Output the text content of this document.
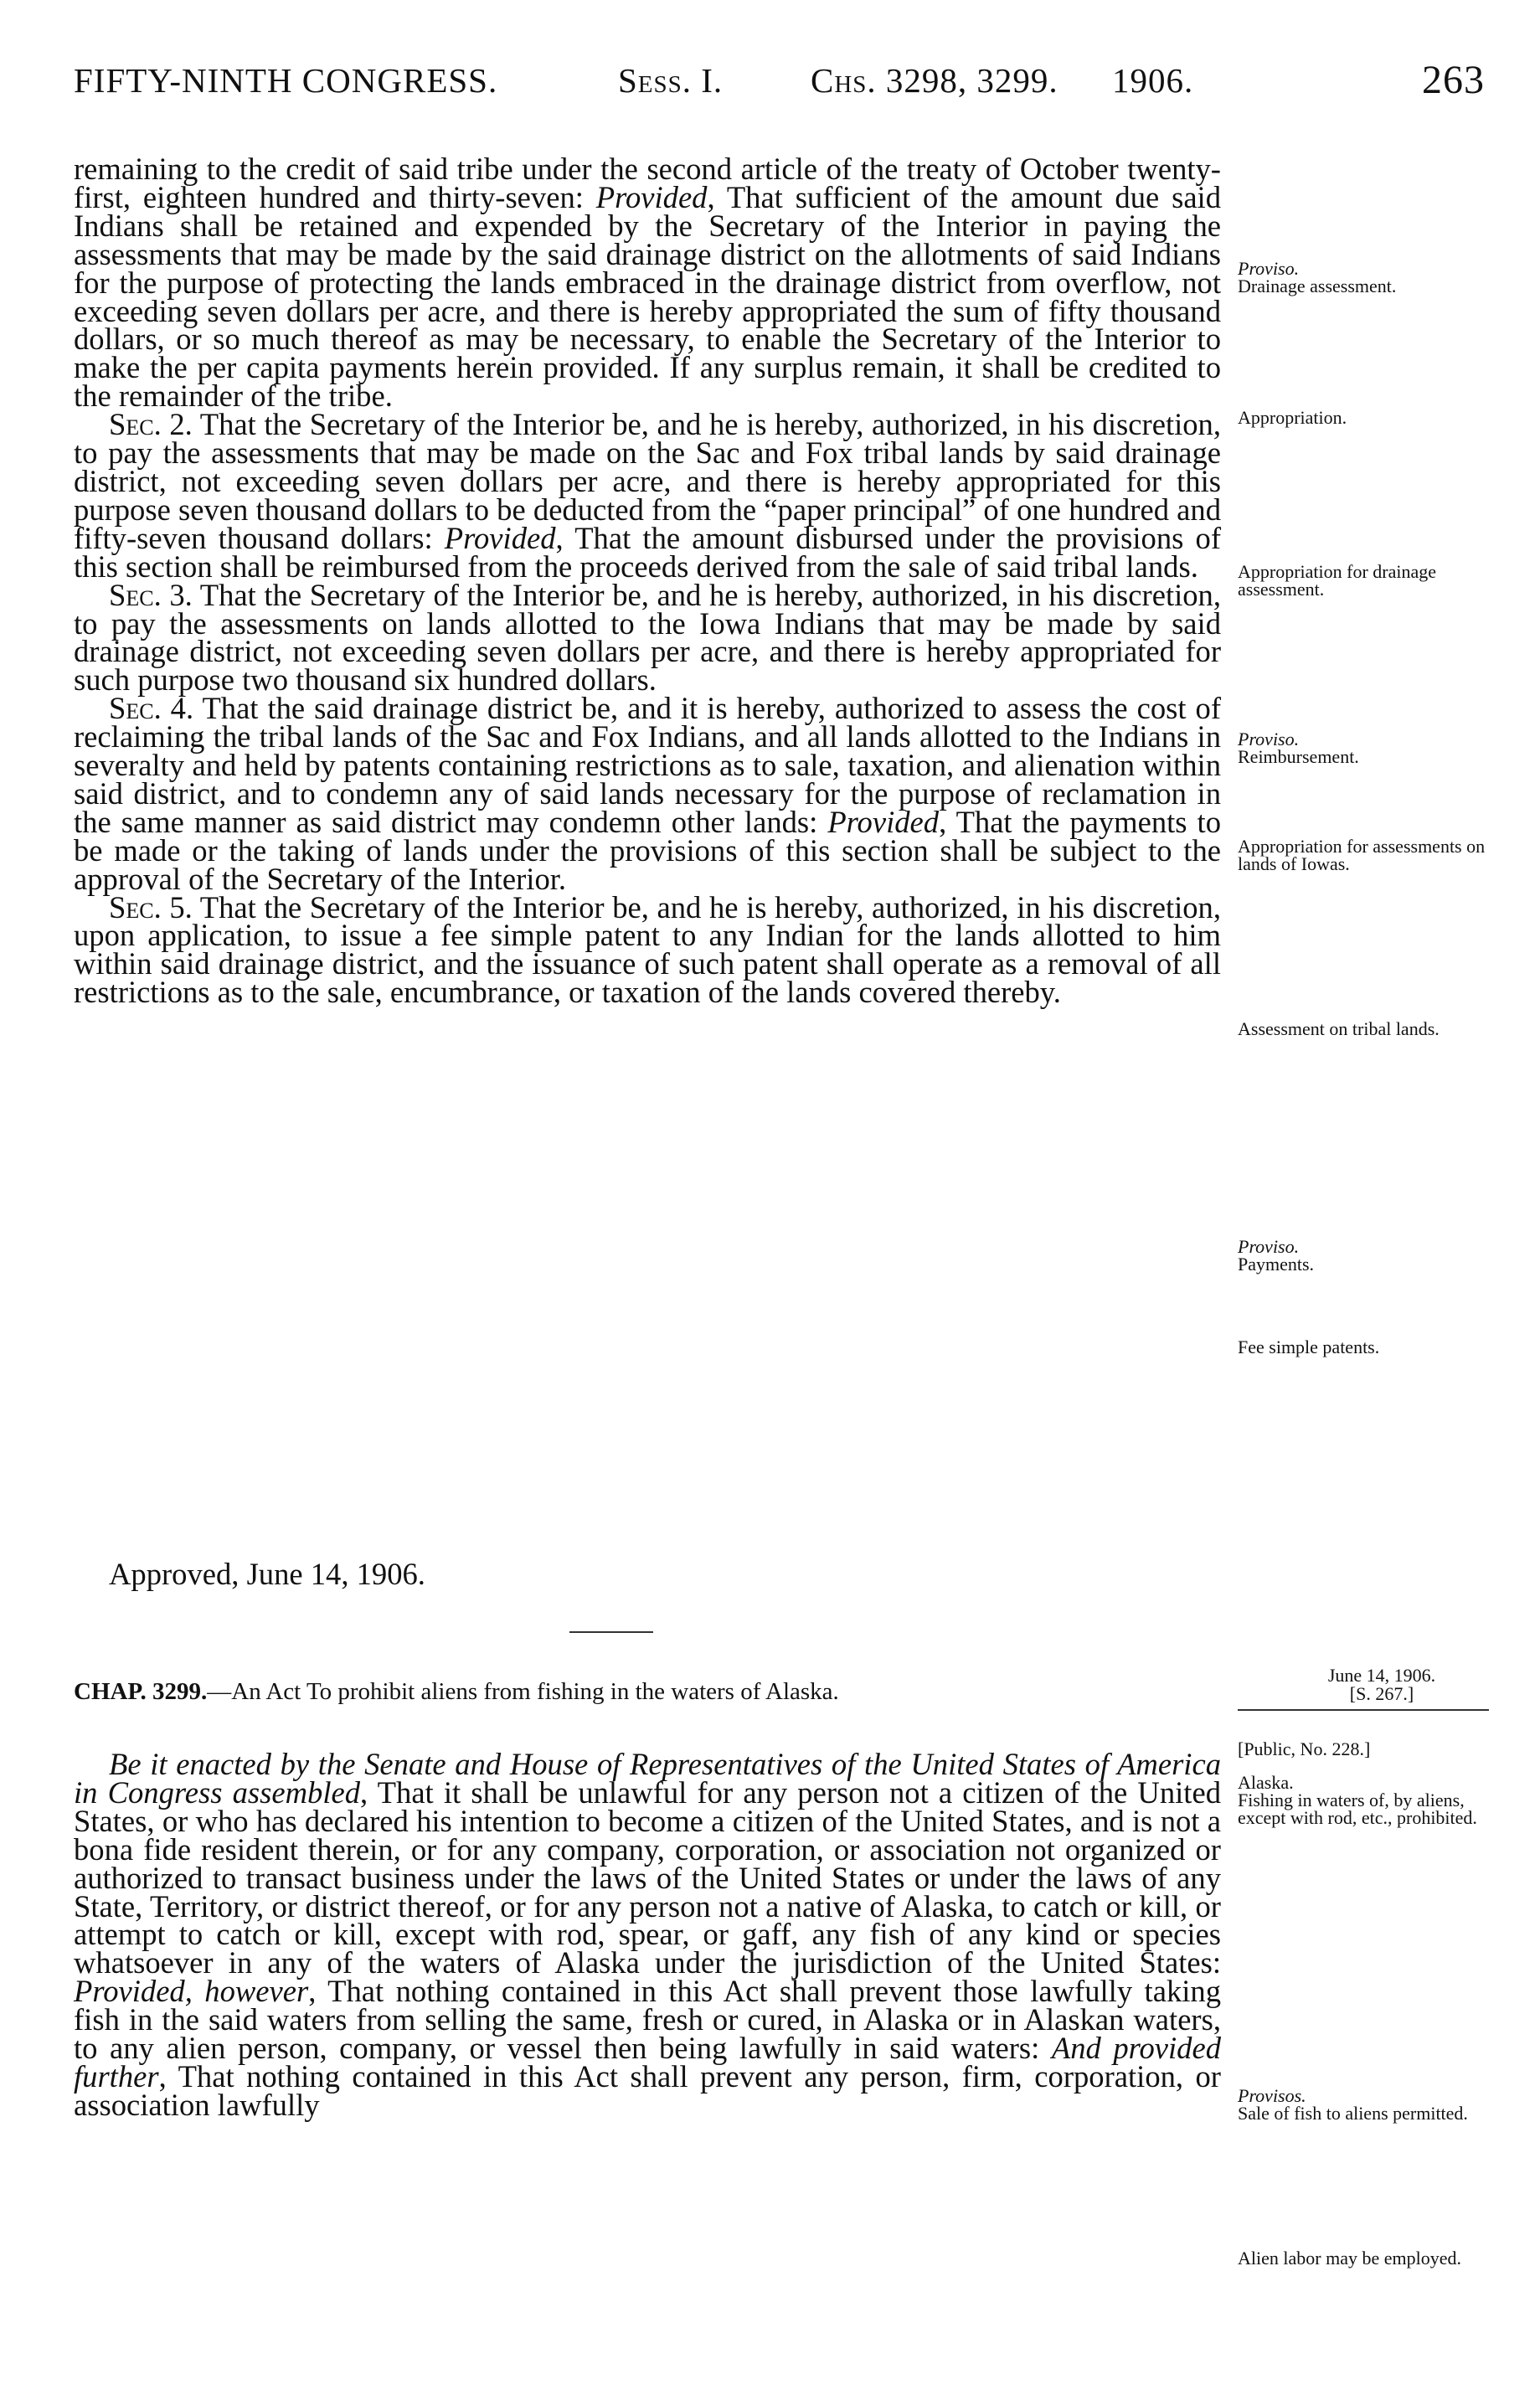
FIFTY-NINTH CONGRESS.	Sess. I.	Chs. 3298, 3299. 1906.	263

remaining to the credit of said tribe under the second article of the treaty of October twenty-first, eighteen hundred and thirty-seven: Provided, That sufficient of the amount due said Indians shall be retained and expended by the Secretary of the Interior in paying the assessments that may be made by the said drainage district on the allotments of said Indians for the purpose of protecting the lands embraced in the drainage district from overflow, not exceeding seven dollars per acre, and there is hereby appropriated the sum of fifty thousand dollars, or so much thereof as may be necessary, to enable the Secretary of the Interior to make the per capita payments herein provided. If any surplus remain, it shall be credited to the remainder of the tribe.

Sec. 2. That the Secretary of the Interior be, and he is hereby, authorized, in his discretion, to pay the assessments that may be made on the Sac and Fox tribal lands by said drainage district, not exceeding seven dollars per acre, and there is hereby appropriated for this purpose seven thousand dollars to be deducted from the “paper principal” of one hundred and fifty-seven thousand dollars: Provided, That the amount disbursed under the provisions of this section shall be reimbursed from the proceeds derived from the sale of said tribal lands.

Sec. 3. That the Secretary of the Interior be, and he is hereby, authorized, in his discretion, to pay the assessments on lands allotted to the Iowa Indians that may be made by said drainage district, not exceeding seven dollars per acre, and there is hereby appropriated for such purpose two thousand six hundred dollars.

Sec. 4. That the said drainage district be, and it is hereby, authorized to assess the cost of reclaiming the tribal lands of the Sac and Fox Indians, and all lands allotted to the Indians in severalty and held by patents containing restrictions as to sale, taxation, and alienation within said district, and to condemn any of said lands necessary for the purpose of reclamation in the same manner as said district may condemn other lands: Provided, That the payments to be made or the taking of lands under the provisions of this section shall be subject to the approval of the Secretary of the Interior.

Sec. 5. That the Secretary of the Interior be, and he is hereby, authorized, in his discretion, upon application, to issue a fee simple patent to any Indian for the lands allotted to him within said drainage district, and the issuance of such patent shall operate as a removal of all restrictions as to the sale, encumbrance, or taxation of the lands covered thereby.

Approved, June 14, 1906.
CHAP. 3299.—An Act To prohibit aliens from fishing in the waters of Alaska.
June 14, 1906.
[S. 267.]

Be it enacted by the Senate and House of Representatives of the United States of America in Congress assembled, That it shall be unlawful for any person not a citizen of the United States, or who has declared his intention to become a citizen of the United States, and is not a bona fide resident therein, or for any company, corporation, or association not organized or authorized to transact business under the laws of the United States or under the laws of any State, Territory, or district thereof, or for any person not a native of Alaska, to catch or kill, or attempt to catch or kill, except with rod, spear, or gaff, any fish of any kind or species whatsoever in any of the waters of Alaska under the jurisdiction of the United States: Provided, however, That nothing contained in this Act shall prevent those lawfully taking fish in the said waters from selling the same, fresh or cured, in Alaska or in Alaskan waters, to any alien person, company, or vessel then being lawfully in said waters: And provided further, That nothing contained in this Act shall prevent any person, firm, corporation, or association lawfully

Proviso.
Drainage assessment.
Appropriation.
Appropriation for drainage assessment.
Proviso.
Reimbursement.
Appropriation for assessments on lands of Iowas.
Assessment on tribal lands.
Proviso.
Payments.
Fee simple patents.
[Public, No. 228.]
Alaska.
Fishing in waters of, by aliens, except with rod, etc., prohibited.
Provisos.
Sale of fish to aliens permitted.
Alien labor may be employed.
